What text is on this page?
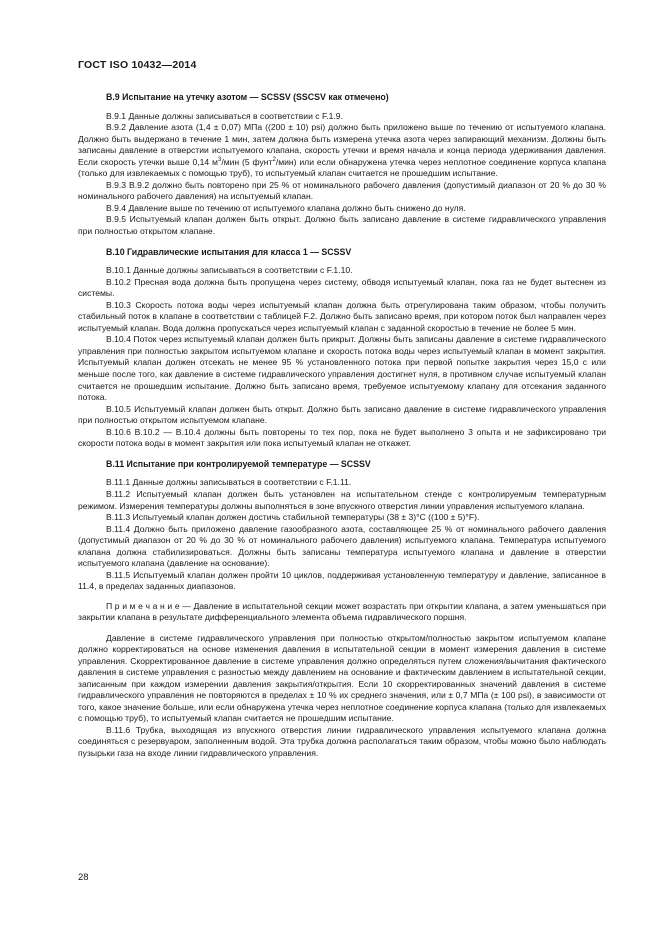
ГОСТ ISO 10432—2014
B.9 Испытание на утечку азотом — SCSSV (SSCSV как отмечено)

B.9.1 Данные должны записываться в соответствии с F.1.9.

B.9.2 Давление азота (1,4 ± 0,07) МПа ((200 ± 10) psi) должно быть приложено выше по течению от испытуемого клапана. Должно быть выдержано в течение 1 мин, затем должна быть измерена утечка азота через запирающий механизм. Должны быть записаны давление в отверстии испытуемого клапана, скорость утечки и время начала и конца периода удерживания давления. Если скорость утечки выше 0,14 $м^3$/мин (5 фунт$^2$/мин) или если обнаружена утечка через неплотное соединение корпуса клапана (только для извлекаемых с помощью труб), то испытуемый клапан считается не прошедшим испытание.

B.9.3 B.9.2 должно быть повторено при 25 % от номинального рабочего давления (допустимый диапазон от 20 % до 30 % номинального рабочего давления) на испытуемый клапан.

B.9.4 Давление выше по течению от испытуемого клапана должно быть снижено до нуля.

B.9.5 Испытуемый клапан должен быть открыт. Должно быть записано давление в системе гидравлического управления при полностью открытом клапане.

B.10 Гидравлические испытания для класса 1 — SCSSV

B.10.1 Данные должны записываться в соответствии с F.1.10.

B.10.2 Пресная вода должна быть пропущена через систему, обводя испытуемый клапан, пока газ не будет вытеснен из системы.

B.10.3 Скорость потока воды через испытуемый клапан должна быть отрегулирована таким образом, чтобы получить стабильный поток в клапане в соответствии с таблицей F.2. Должно быть записано время, при котором поток был направлен через испытуемый клапан. Вода должна пропускаться через испытуемый клапан с заданной скоростью в течение не более 5 мин.

B.10.4 Поток через испытуемый клапан должен быть прикрыт. Должны быть записаны давление в системе гидравлического управления при полностью закрытом испытуемом клапане и скорость потока воды через испытуемый клапан в момент закрытия. Испытуемый клапан должен отсекать не менее 95 % установленного потока при первой попытке закрытия через 15,0 с или меньше после того, как давление в системе гидравлического управления достигнет нуля, в противном случае испытуемый клапан считается не прошедшим испытание. Должно быть записано время, требуемое испытуемому клапану для отсекания заданного потока.

B.10.5 Испытуемый клапан должен быть открыт. Должно быть записано давление в системе гидравлического управления при полностью открытом испытуемом клапане.

B.10.6 B.10.2 — B.10.4 должны быть повторены то тех пор, пока не будет выполнено 3 опыта и не зафиксировано три скорости потока воды в момент закрытия или пока испытуемый клапан не откажет.

B.11 Испытание при контролируемой температуре — SCSSV

B.11.1 Данные должны записываться в соответствии с F.1.11.

B.11.2 Испытуемый клапан должен быть установлен на испытательном стенде с контролируемым температурным режимом. Измерения температуры должны выполняться в зоне впускного отверстия линии управления испытуемого клапана.

B.11.3 Испытуемый клапан должен достичь стабильной температуры (38 ± 3)°С ((100 ± 5)°F).

B.11.4 Должно быть приложено давление газообразного азота, составляющее 25 % от номинального рабочего давления (допустимый диапазон от 20 % до 30 % от номинального рабочего давления) испытуемого клапана. Температура испытуемого клапана должна стабилизироваться. Должны быть записаны температура испытуемого клапана и давление в отверстии испытуемого клапана (давление на основание).

B.11.5 Испытуемый клапан должен пройти 10 циклов, поддерживая установленную температуру и давление, записанное в 11.4, в пределах заданных диапазонов.

П р и м е ч а н и е — Давление в испытательной секции может возрастать при открытии клапана, а затем уменьшаться при закрытии клапана в результате дифференциального элемента объема гидравлического поршня.

Давление в системе гидравлического управления при полностью открытом/полностью закрытом испытуемом клапане должно корректироваться на основе изменения давления в испытательной секции в момент измерения давления в системе управления. Скорректированное давление в системе управления должно определяться путем сложения/вычитания фактического давления в системе управления с разностью между давлением на основание и фактическим давлением в испытательной секции, записанным при каждом измерении давления закрытия/открытия. Если 10 скорректированных значений давления в системе гидравлического управления не повторяются в пределах ± 10 % их среднего значения, или ± 0,7 МПа (± 100 psi), в зависимости от того, какое значение больше, или если обнаружена утечка через неплотное соединение корпуса клапана (только для извлекаемых с помощью труб), то испытуемый клапан считается не прошедшим испытание.

B.11.6 Трубка, выходящая из впускного отверстия линии гидравлического управления испытуемого клапана должна соединяться с резервуаром, заполненным водой. Эта трубка должна располагаться таким образом, чтобы можно было наблюдать пузырьки газа на входе линии гидравлического управления.

28
